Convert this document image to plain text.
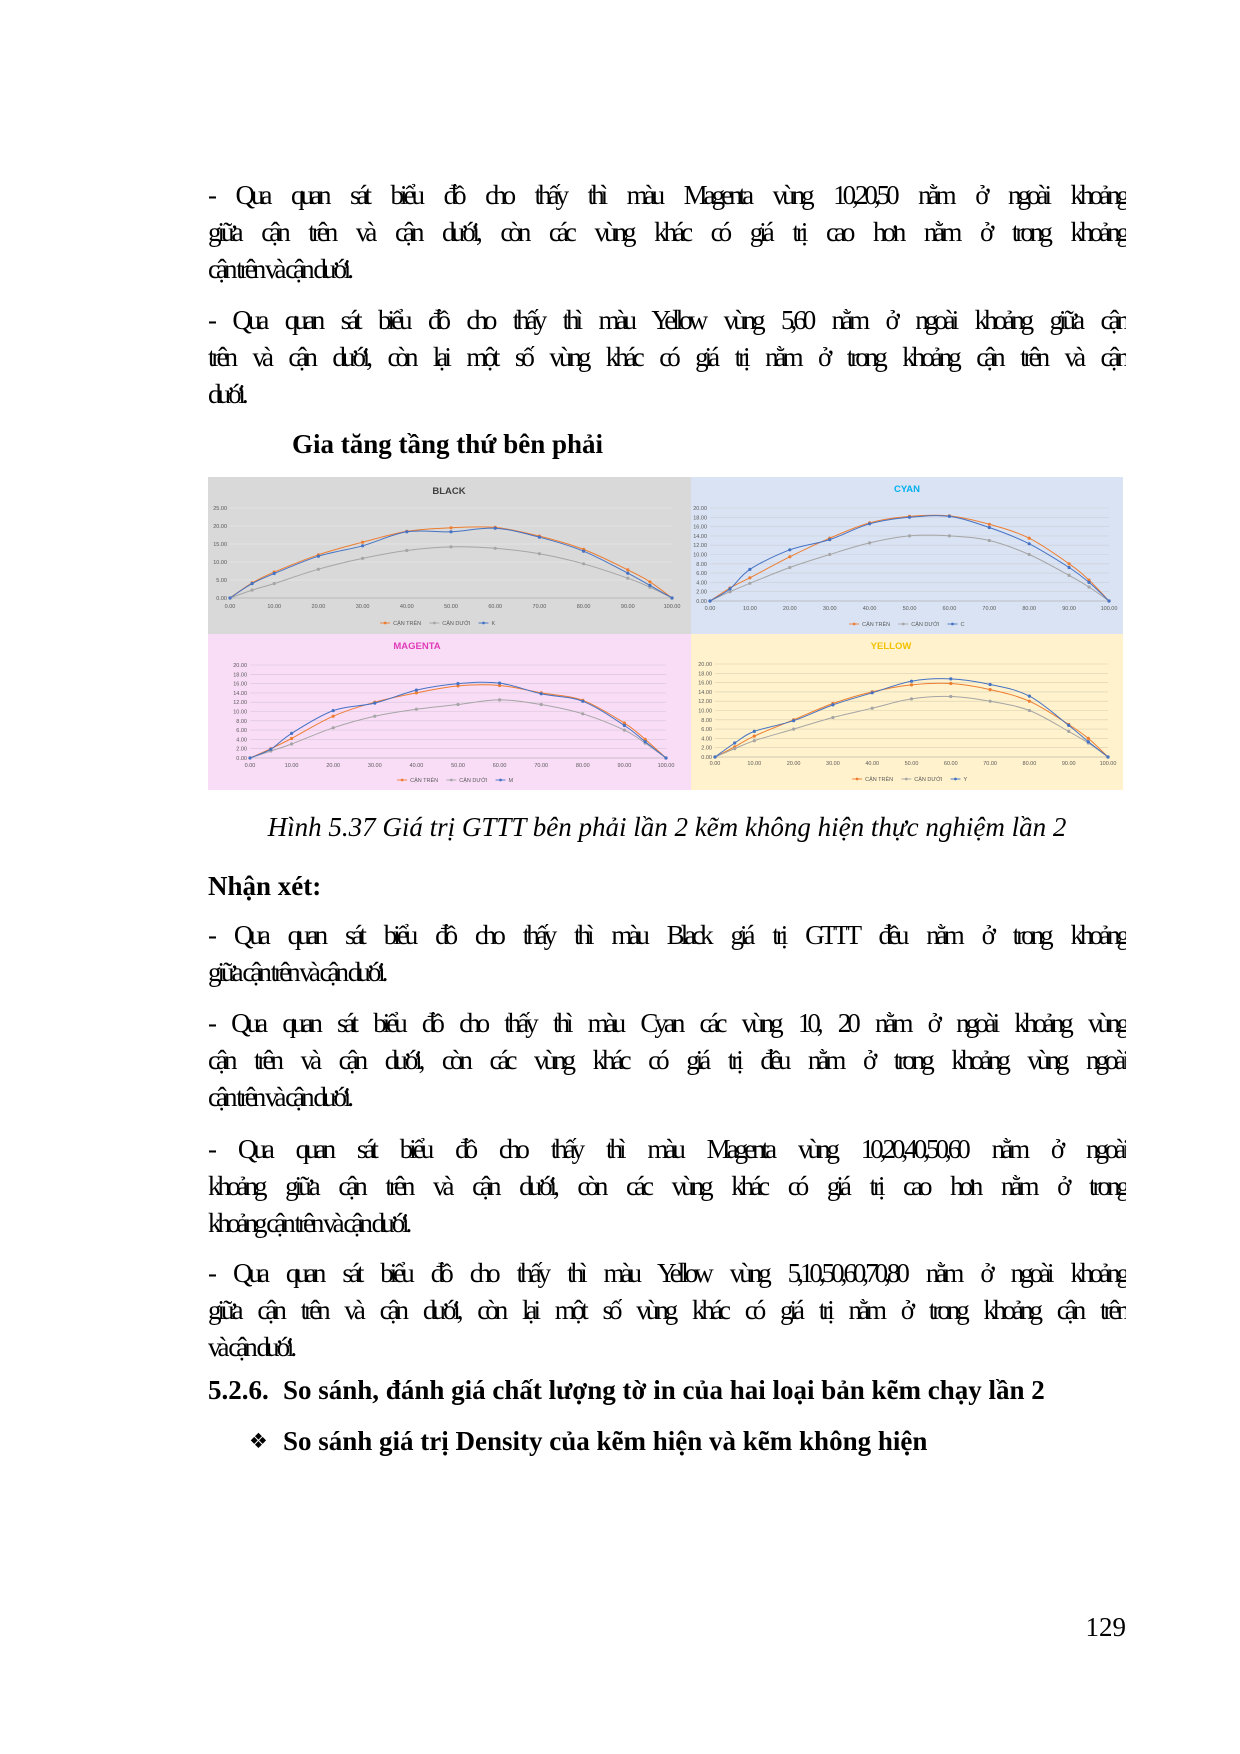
- Qua quan sát biểu đồ cho thấy thì màu Magenta vùng 10,20,50 nằm ở ngoài khoảng
giữa cận trên và cận dưới, còn các vùng khác có giá trị cao hơn nằm ở trong khoảng
cận trên và cận dưới.
- Qua quan sát biểu đồ cho thấy thì màu Yellow vùng 5,60 nằm ở ngoài khoảng giữa cận
trên và cận dưới, còn lại một số vùng khác có giá trị nằm ở trong khoảng cận trên và cận
dưới.
Gia tăng tầng thứ bên phải
BLACK
0.00
5.00
10.00
15.00
20.00
25.00
0.00	10.00	20.00	30.00	40.00	50.00	60.00	70.00	80.00	90.00	100.00
CẬN TRÊN	CẬN DƯỚI	K
CYAN
0.00
2.00
4.00
6.00
8.00
10.00
12.00
14.00
16.00
18.00
20.00
0.00	10.00	20.00	30.00	40.00	50.00	60.00	70.00	80.00	90.00	100.00
CẬN TRÊN	CẬN DƯỚI	C
MAGENTA
0.00
2.00
4.00
6.00
8.00
10.00
12.00
14.00
16.00
18.00
20.00
0.00	10.00	20.00	30.00	40.00	50.00	60.00	70.00	80.00	90.00	100.00
CẬN TRÊN	CẬN DƯỚI	M
YELLOW
0.00
2.00
4.00
6.00
8.00
10.00
12.00
14.00
16.00
18.00
20.00
0.00	10.00	20.00	30.00	40.00	50.00	60.00	70.00	80.00	90.00	100.00
CẬN TRÊN	CẬN DƯỚI	Y
Hình 5.37 Giá trị GTTT bên phải lần 2 kẽm không hiện thực nghiệm lần 2
Nhận xét:
- Qua quan sát biểu đồ cho thấy thì màu Black giá trị GTTT đều nằm ở trong khoảng
giữa cận trên và cận dưới.
- Qua quan sát biểu đồ cho thấy thì màu Cyan các vùng 10, 20 nằm ở ngoài khoảng vùng
cận trên và cận dưới, còn các vùng khác có giá trị đều nằm ở trong khoảng vùng ngoài
cận trên và cận dưới.
- Qua quan sát biểu đồ cho thấy thì màu Magenta vùng 10,20,40,50,60 nằm ở ngoài
khoảng giữa cận trên và cận dưới, còn các vùng khác có giá trị cao hơn nằm ở trong
khoảng cận trên và cận dưới.
- Qua quan sát biểu đồ cho thấy thì màu Yellow vùng 5,10,50,60,70,80 nằm ở ngoài khoảng
giữa cận trên và cận dưới, còn lại một số vùng khác có giá trị nằm ở trong khoảng cận trên
và cận dưới.
5.2.6. So sánh, đánh giá chất lượng tờ in của hai loại bản kẽm chạy lần 2
❖ So sánh giá trị Density của kẽm hiện và kẽm không hiện
129
